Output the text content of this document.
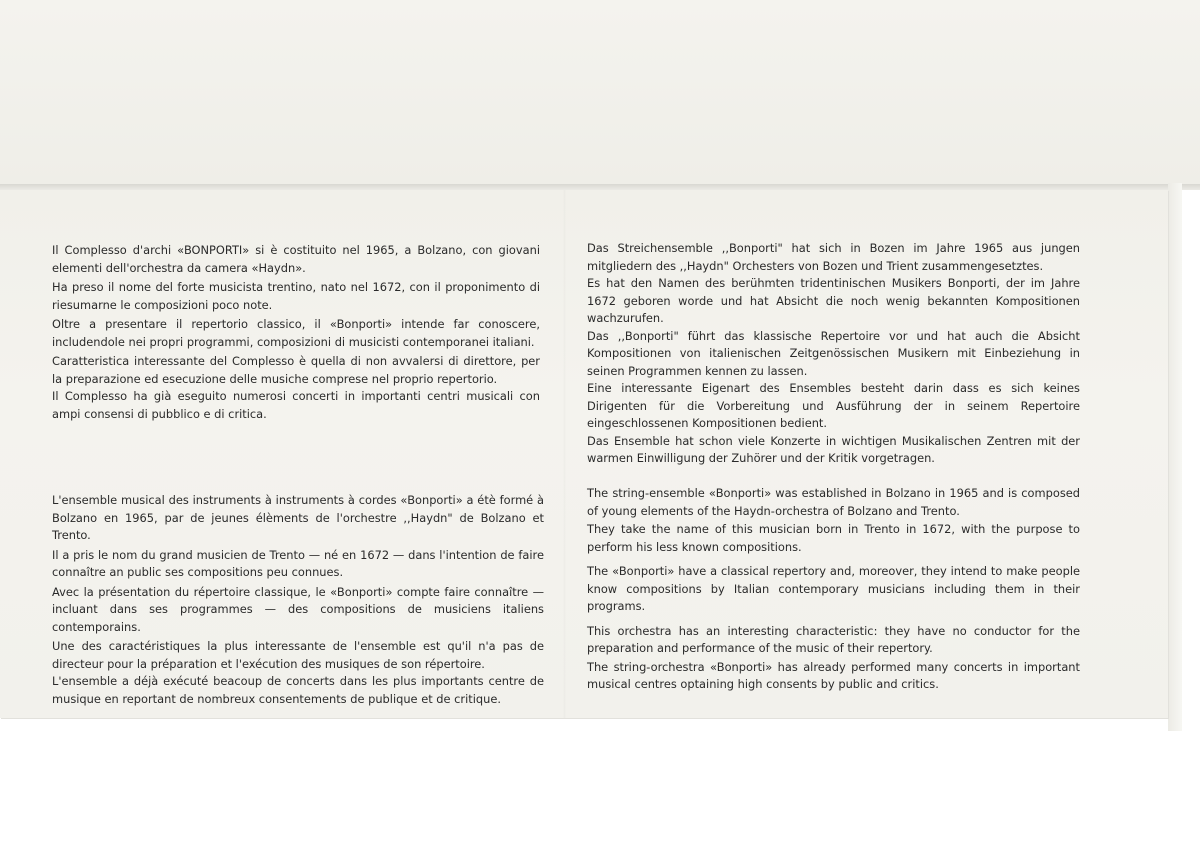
Il Complesso d'archi «BONPORTI» si è costituito nel 1965, a Bolzano, con giovani elementi dell'orchestra da camera «Haydn».

Ha preso il nome del forte musicista trentino, nato nel 1672, con il proponimento di riesumarne le composizioni poco note.

Oltre a presentare il repertorio classico, il «Bonporti» intende far conoscere, includendole nei propri programmi, composizioni di musicisti contemporanei italiani.

Caratteristica interessante del Complesso è quella di non avvalersi di direttore, per la preparazione ed esecuzione delle musiche comprese nel proprio repertorio.

Il Complesso ha già eseguito numerosi concerti in importanti centri musicali con ampi consensi di pubblico e di critica.

Das Streichensemble ,,Bonporti" hat sich in Bozen im Jahre 1965 aus jungen mitgliedern des ,,Haydn" Orchesters von Bozen und Trient zusammengesetztes.

Es hat den Namen des berühmten tridentinischen Musikers Bonporti, der im Jahre 1672 geboren worde und hat Absicht die noch wenig bekannten Kompositionen wachzurufen.

Das ,,Bonporti" führt das klassische Repertoire vor und hat auch die Absicht Kompositionen von italienischen Zeitgenössischen Musikern mit Einbeziehung in seinen Programmen kennen zu lassen.

Eine interessante Eigenart des Ensembles besteht darin dass es sich keines Dirigenten für die Vorbereitung und Ausführung der in seinem Repertoire eingeschlossenen Kompositionen bedient.

Das Ensemble hat schon viele Konzerte in wichtigen Musikalischen Zentren mit der warmen Einwilligung der Zuhörer und der Kritik vorgetragen.

L'ensemble musical des instruments à instruments à cordes «Bonporti» a étè formé à Bolzano en 1965, par de jeunes élèments de l'orchestre ,,Haydn" de Bolzano et Trento.

Il a pris le nom du grand musicien de Trento — né en 1672 — dans l'intention de faire connaître an public ses compositions peu connues.

Avec la présentation du répertoire classique, le «Bonporti» compte faire connaître — incluant dans ses programmes — des compositions de musiciens italiens contemporains.

Une des caractéristiques la plus interessante de l'ensemble est qu'il n'a pas de directeur pour la préparation et l'exécution des musiques de son répertoire.

L'ensemble a déjà exécuté beacoup de concerts dans les plus importants centre de musique en reportant de nombreux consentements de publique et de critique.

The string-ensemble «Bonporti» was established in Bolzano in 1965 and is composed of young elements of the Haydn-orchestra of Bolzano and Trento.

They take the name of this musician born in Trento in 1672, with the purpose to perform his less known compositions.

The «Bonporti» have a classical repertory and, moreover, they intend to make people know compositions by Italian contemporary musicians including them in their programs.

This orchestra has an interesting characteristic: they have no conductor for the preparation and performance of the music of their repertory.

The string-orchestra «Bonporti» has already performed many concerts in important musical centres optaining high consents by public and critics.
